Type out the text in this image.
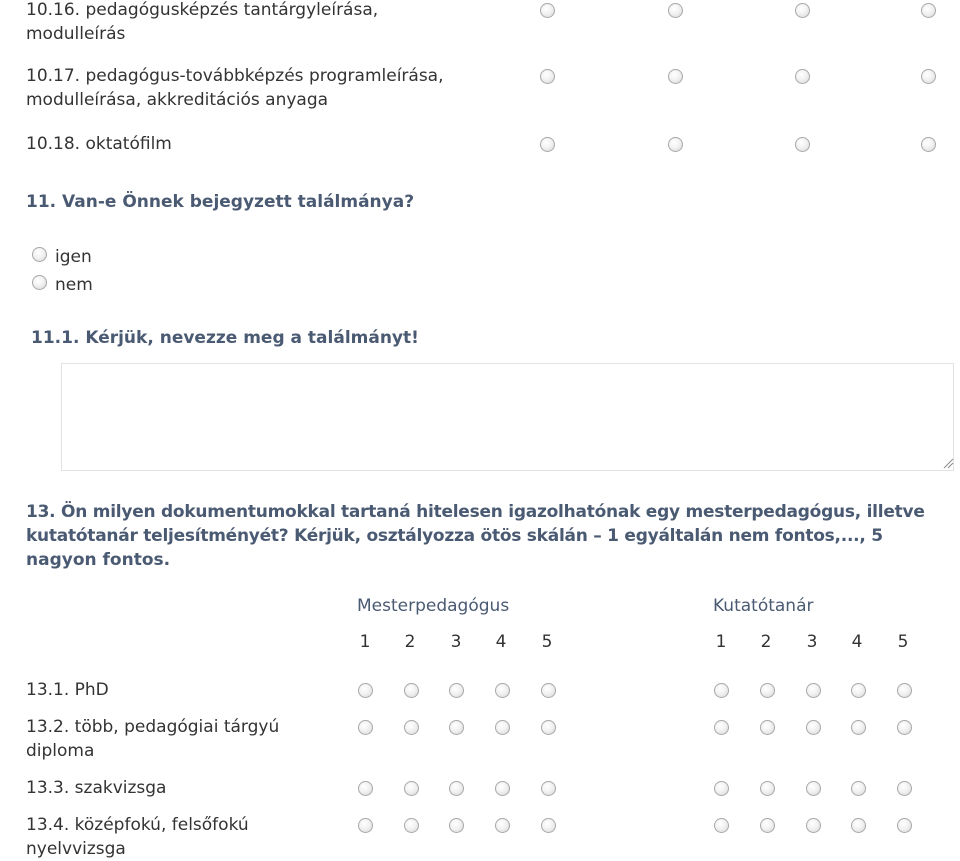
10.16. pedagógusképzés tantárgyleírása,
modulleírás
10.17. pedagógus-továbbképzés programleírása,
modulleírása, akkreditációs anyaga
10.18. oktatófilm
11. Van-e Önnek bejegyzett találmánya?
igen
nem
11.1. Kérjük, nevezze meg a találmányt!
13. Ön milyen dokumentumokkal tartaná hitelesen igazolhatónak egy mesterpedagógus, illetve
kutatótanár teljesítményét? Kérjük, osztályozza ötös skálán – 1 egyáltalán nem fontos,..., 5
nagyon fontos.
Mesterpedagógus	Kutatótanár
1 2 3 4 5	1 2 3 4 5
13.1. PhD
13.2. több, pedagógiai tárgyú
diploma
13.3. szakvizsga
13.4. középfokú, felsőfokú
nyelvvizsga
